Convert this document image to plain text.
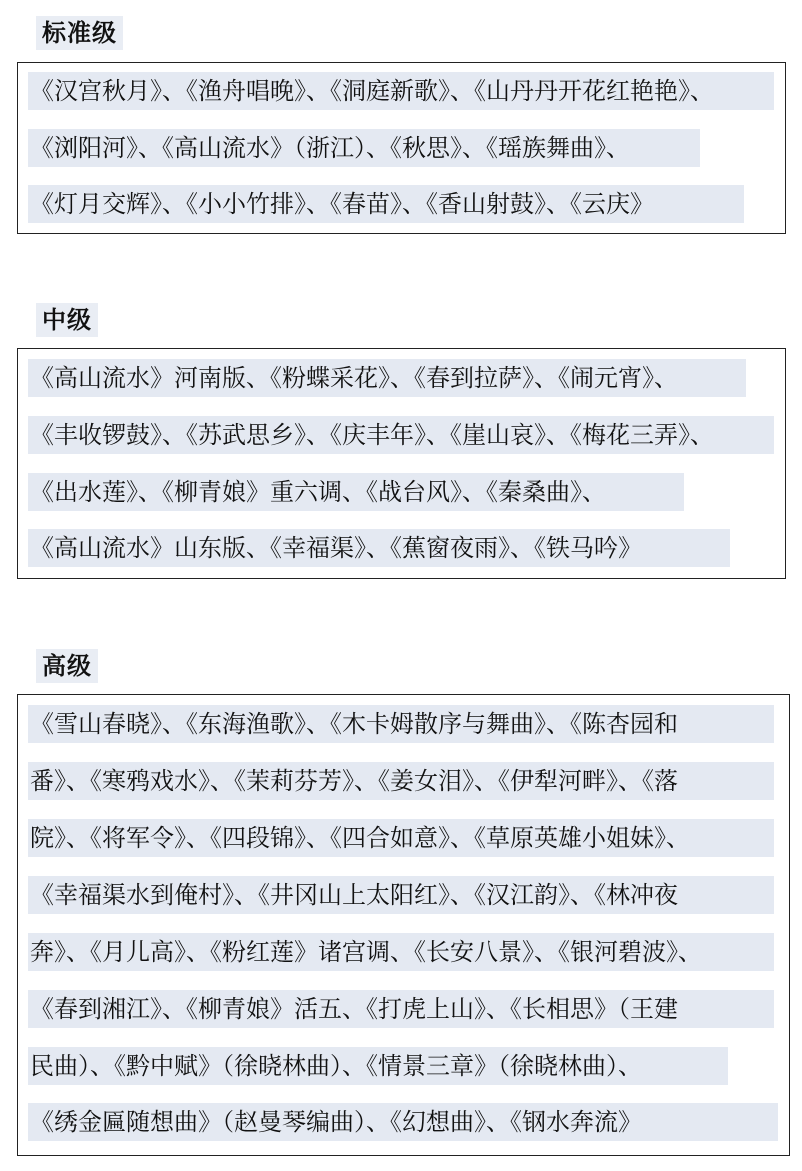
标准级
《汉宫秋月》、《渔舟唱晚》、《洞庭新歌》、《山丹丹开花红艳艳》、
《浏阳河》、《高山流水》（浙江）、《秋思》、《瑶族舞曲》、
《灯月交辉》、《小小竹排》、《春苗》、《香山射鼓》、《云庆》
中级
《高山流水》河南版、《粉蝶采花》、《春到拉萨》、《闹元宵》、
《丰收锣鼓》、《苏武思乡》、《庆丰年》、《崖山哀》、《梅花三弄》、
《出水莲》、《柳青娘》重六调、《战台风》、《秦桑曲》、
《高山流水》山东版、《幸福渠》、《蕉窗夜雨》、《铁马吟》
高级
《雪山春晓》、《东海渔歌》、《木卡姆散序与舞曲》、《陈杏园和
番》、《寒鸦戏水》、《茉莉芬芳》、《姜女泪》、《伊犁河畔》、《落
院》、《将军令》、《四段锦》、《四合如意》、《草原英雄小姐妹》、
《幸福渠水到俺村》、《井冈山上太阳红》、《汉江韵》、《林冲夜
奔》、《月儿高》、《粉红莲》诸宫调、《长安八景》、《银河碧波》、
《春到湘江》、《柳青娘》活五、《打虎上山》、《长相思》（王建
民曲）、《黔中赋》（徐晓林曲）、《情景三章》（徐晓林曲）、
《绣金匾随想曲》（赵曼琴编曲）、《幻想曲》、《钢水奔流》
